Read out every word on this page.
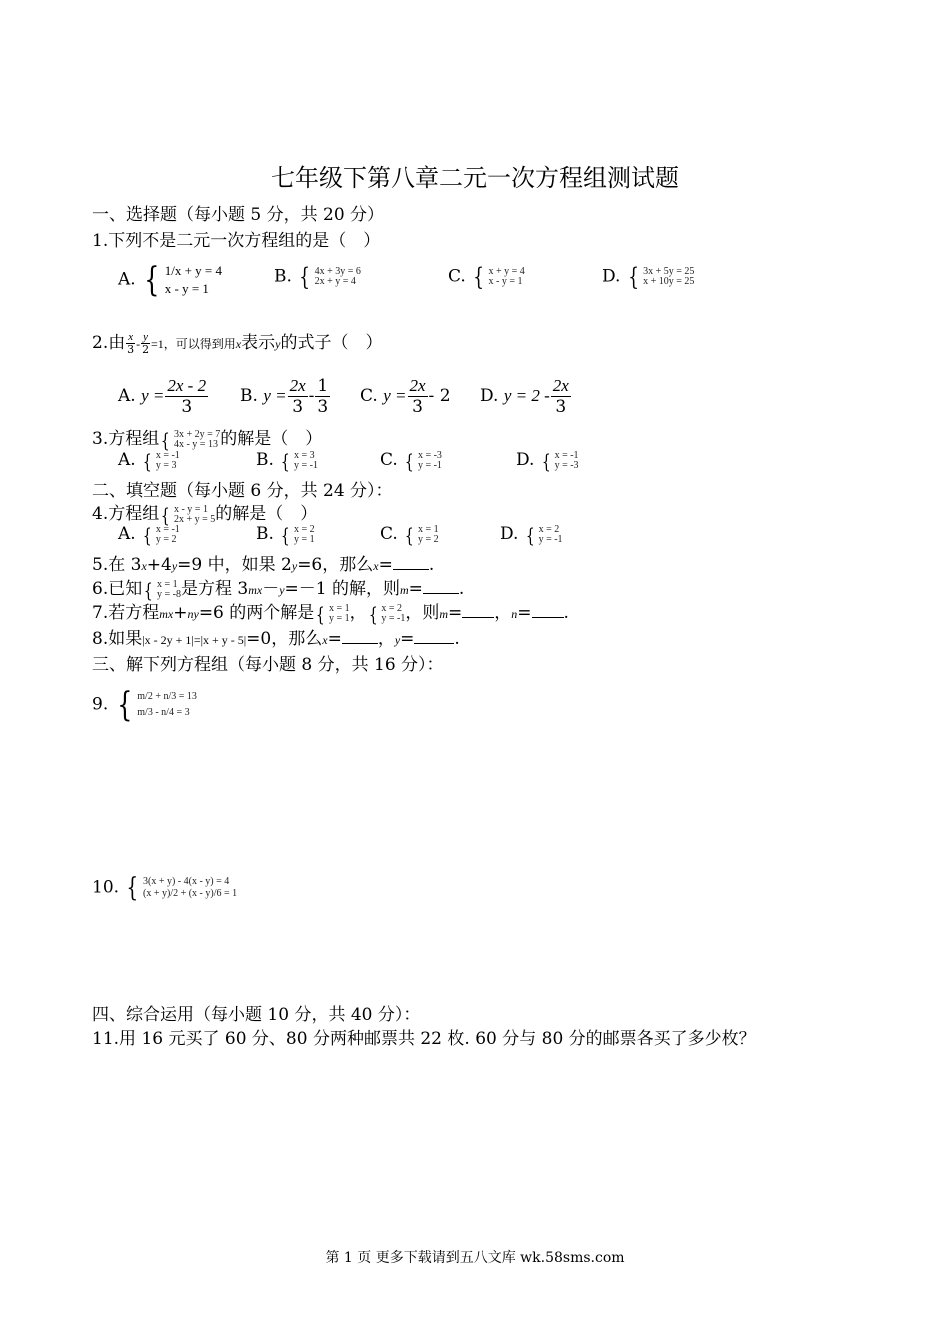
七年级下第八章二元一次方程组测试题
一、选择题（每小题 5 分，共 20 分）
1.下列不是二元一次方程组的是（　）
A. { 1/x + y = 4
x - y = 1
B. { 4x + 3y = 6
2x + y = 4	C. { x + y = 4
x - y = 1	D. { 3x + 5y = 25
x + 10y = 25
2.由 $\frac{x}{3} - \frac{y}{2} =1$，可以得到用x表示y的式子（　）
A. $y = \frac{2x - 2}{3} B$. $y = \frac{2x}{3} - \frac{1}{3} C$. $y = \frac{2x}{3} - 2$ D. $y = 2 - \frac{2x}{3}$
3.方程组{ 3x + 2y = 7
4x - y = 13 的解是（　）
A. { x = -1
y = 3	B. { x = 3
y = -1	C. { x = -3
y = -1	D. { x = -1
y = -3
二、填空题（每小题 6 分，共 24 分）：
4.方程组{ x - y = 1
2x + y = 5 的解是（　）
A. { x = -1
y = 2	B. { x = 2
y = 1	C. { x = 1
y = 2	D. { x = 2
y = -1
5.在 3x+4y=9 中，如果 2y=6，那么x= .
6.已知{ x = 1
y = -8 是方程 3mx－y=－1 的解，则m= .
7.若方程mx+ny=6 的两个解是{ x = 1
y = 1 ，{ x = 2
y = -1 ，则m= ，n= .
8.如果|x - 2y + 1|=|x + y - 5|=0，那么x= ，y= .
三、解下列方程组（每小题 8 分，共 16 分）：
9. { m/2 + n/3 = 13
m/3 - n/4 = 3
10. { 3(x + y) - 4(x - y) = 4
(x + y)/2 + (x - y)/6 = 1
四、综合运用（每小题 10 分，共 40 分）：
11.用 16 元买了 60 分、80 分两种邮票共 22 枚. 60 分与 80 分的邮票各买了多少枚？
第 1 页 更多下载请到五八文库 wk.58sms.com
